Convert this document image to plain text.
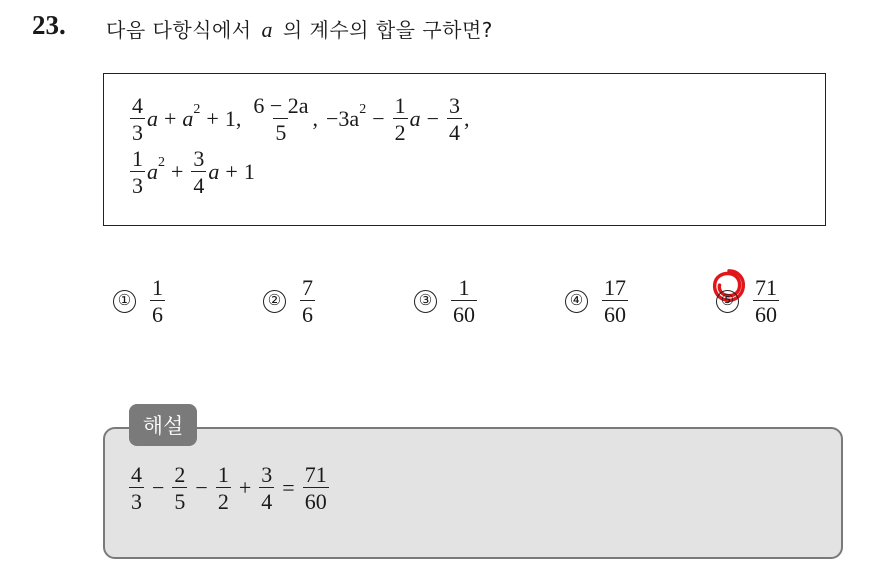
23. 다음 다항식에서 a 의 계수의 합을 구하면?
$\frac{4}{3}$ $a + a^2 + 1$ , $\frac{6 - 2a}{5}$ , $-3a^2 - \frac{1}{2}$ $a - \frac{3}{4}$ ,
$\frac{1}{3} a^2 + \frac{3}{4}$ a + 1
① $\frac{1}{6}$	② $\frac{7}{6}$	③ $\frac{1}{60}$	④ $\frac{17}{60}$	⑤ $\frac{71}{60}$
해설
$\frac{4}{3} - \frac{2}{5} - \frac{1}{2} + \frac{3}{4} = \frac{71}{60}$
